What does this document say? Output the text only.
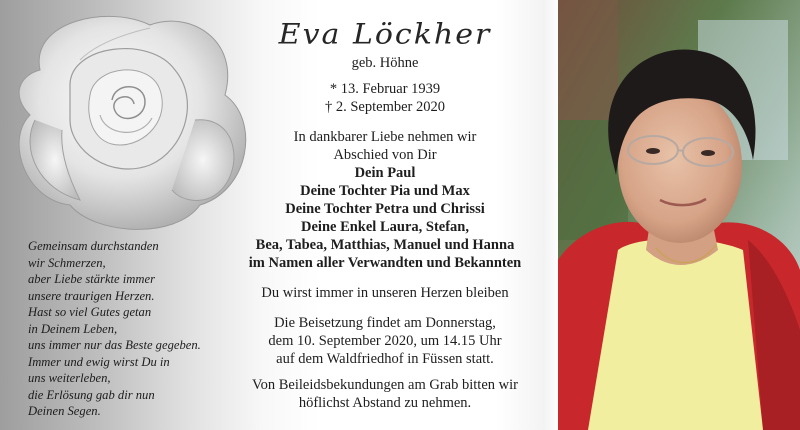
Gemeinsam durchstanden
wir Schmerzen,
aber Liebe stärkte immer
unsere traurigen Herzen.
Hast so viel Gutes getan
in Deinem Leben,
uns immer nur das Beste gegeben.
Immer und ewig wirst Du in
uns weiterleben,
die Erlösung gab dir nun
Deinen Segen.
Eva Löckher
geb. Höhne
* 13. Februar 1939
† 2. September 2020
In dankbarer Liebe nehmen wir
Abschied von Dir
Dein Paul
Deine Tochter Pia und Max
Deine Tochter Petra und Chrissi
Deine Enkel Laura, Stefan,
Bea, Tabea, Matthias, Manuel und Hanna
im Namen aller Verwandten und Bekannten
Du wirst immer in unseren Herzen bleiben
Die Beisetzung findet am Donnerstag,
dem 10. September 2020, um 14.15 Uhr
auf dem Waldfriedhof in Füssen statt.
Von Beileidsbekundungen am Grab bitten wir
höflichst Abstand zu nehmen.
